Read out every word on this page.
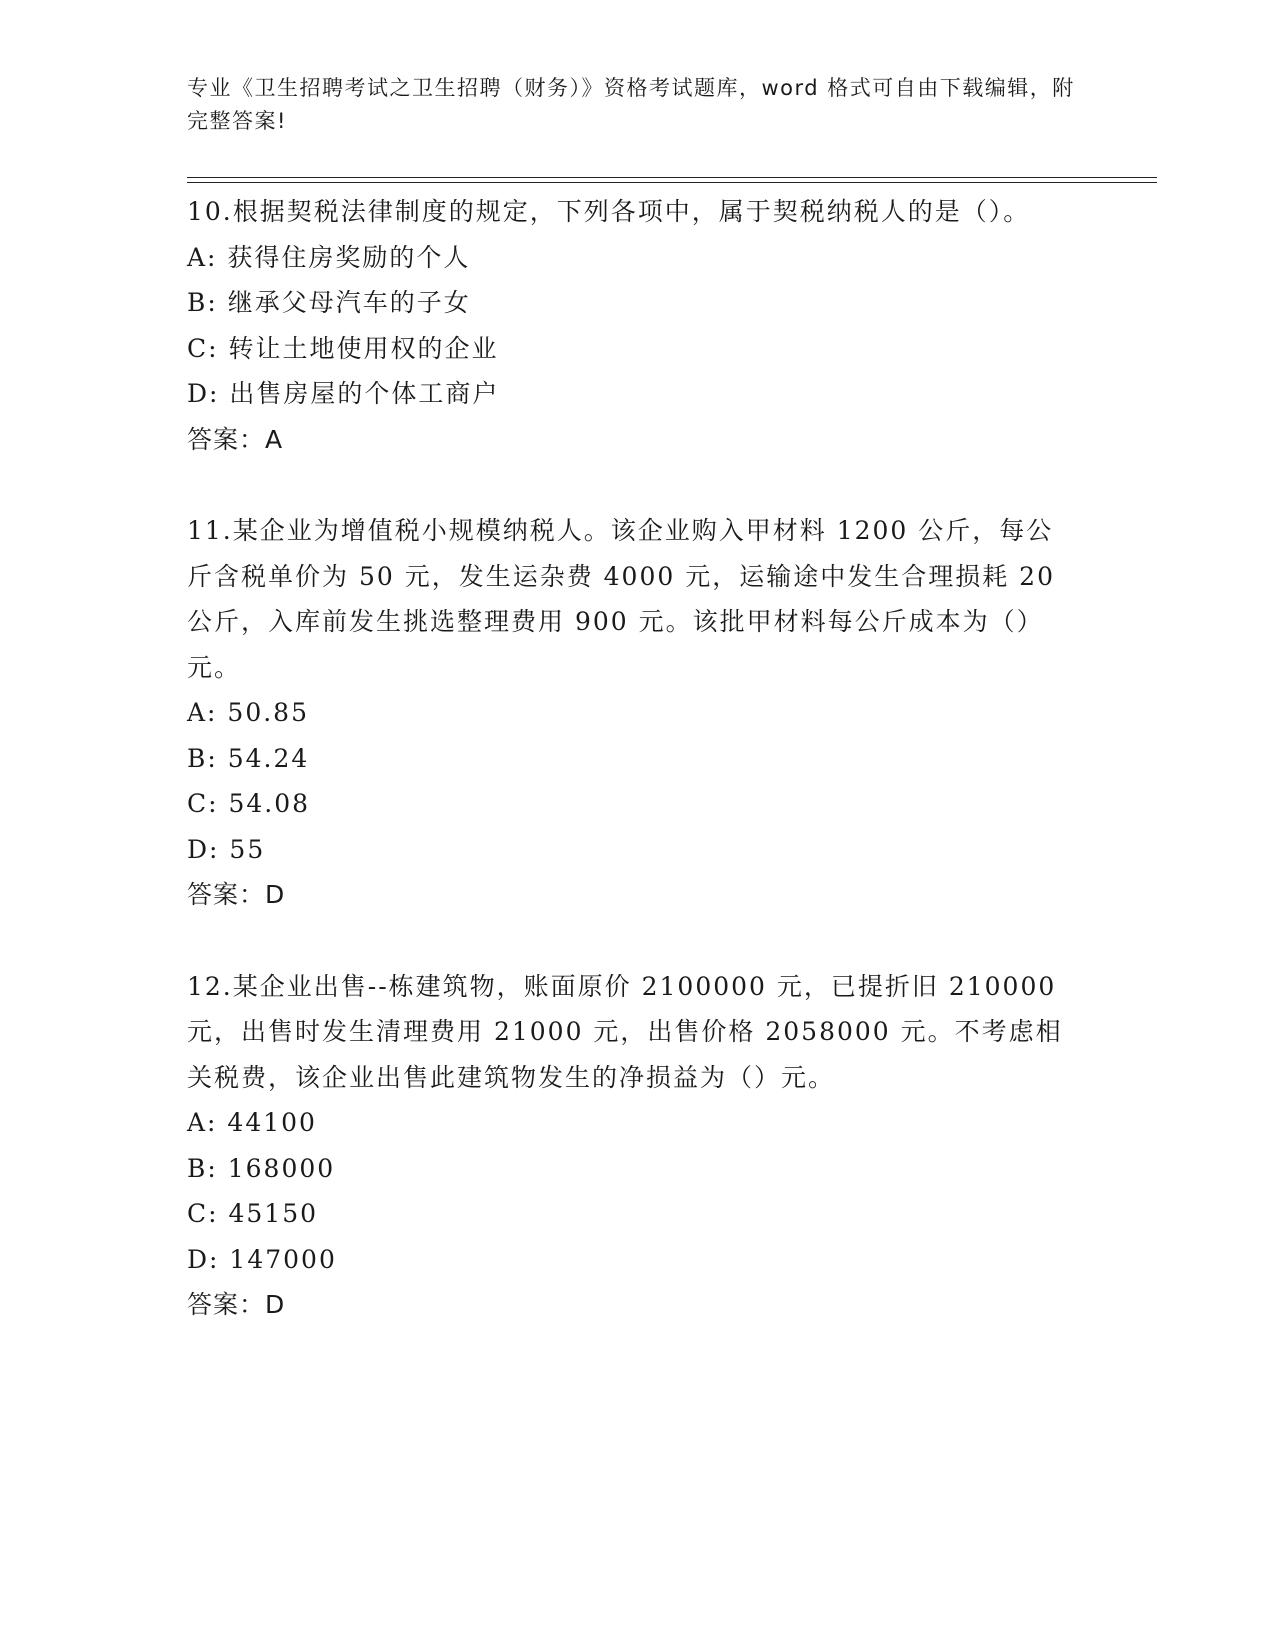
专业《卫生招聘考试之卫生招聘（财务）》资格考试题库，word 格式可自由下载编辑，附完整答案!

10.根据契税法律制度的规定，下列各项中，属于契税纳税人的是（）。

A: 获得住房奖励的个人

B: 继承父母汽车的子女

C: 转让土地使用权的企业

D: 出售房屋的个体工商户

答案：A

11.某企业为增值税小规模纳税人。该企业购入甲材料 1200 公斤，每公斤含税单价为 50 元，发生运杂费 4000 元，运输途中发生合理损耗 20 公斤，入库前发生挑选整理费用 900 元。该批甲材料每公斤成本为（）元。

A: 50.85

B: 54.24

C: 54.08

D: 55

答案：D

12.某企业出售--栋建筑物，账面原价 2100000 元，已提折旧 210000 元，出售时发生清理费用 21000 元，出售价格 2058000 元。不考虑相关税费，该企业出售此建筑物发生的净损益为（）元。

A: 44100

B: 168000

C: 45150

D: 147000

答案：D
